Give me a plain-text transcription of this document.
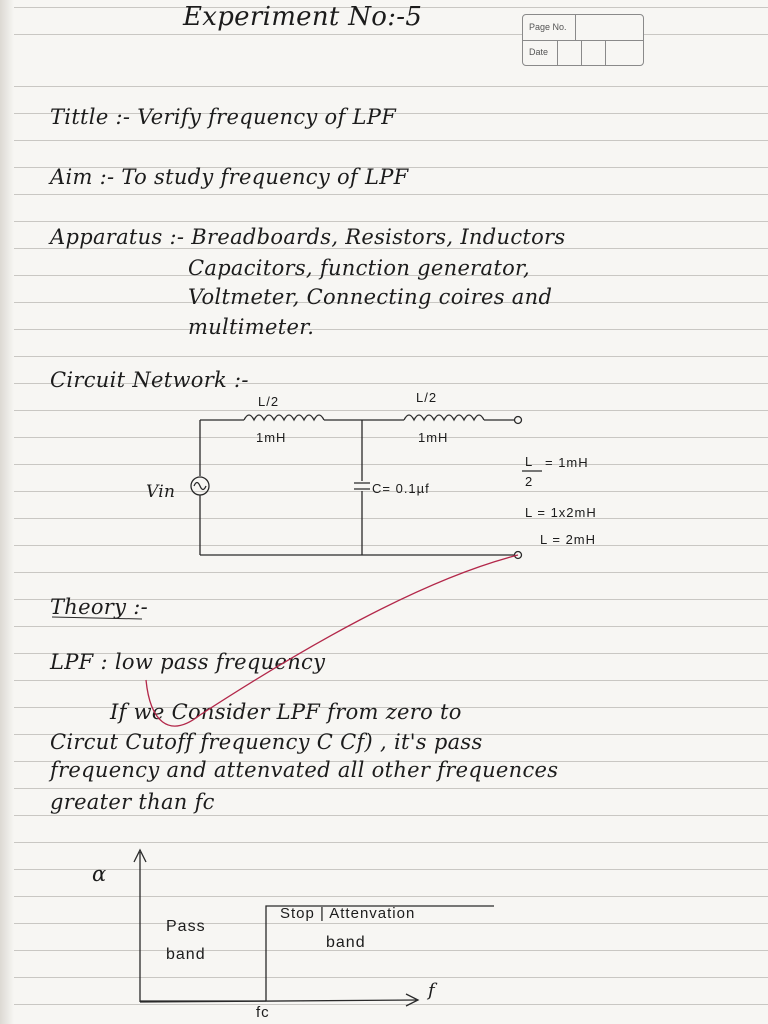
Experiment No:-5	Page No.
Date
Tittle :- Verify frequency of LPF
Aim :- To study frequency of LPF
Apparatus :- Breadboards, Resistors, Inductors
Capacitors, function generator,
Voltmeter, Connecting coires and
multimeter.
Circuit Network :-
L/2
1mH
L/2
1mH
Vin	C= 0.1µf
L
2
= 1mH
L = 1x2mH
L = 2mH
Theory :-
LPF : low pass frequency
If we Consider LPF from zero to
Circut Cutoff frequency C Cf) , it's pass
frequency and attenvated all other frequences
greater than fc
α
Pass
band
Stop | Attenvation
band
f
fc
